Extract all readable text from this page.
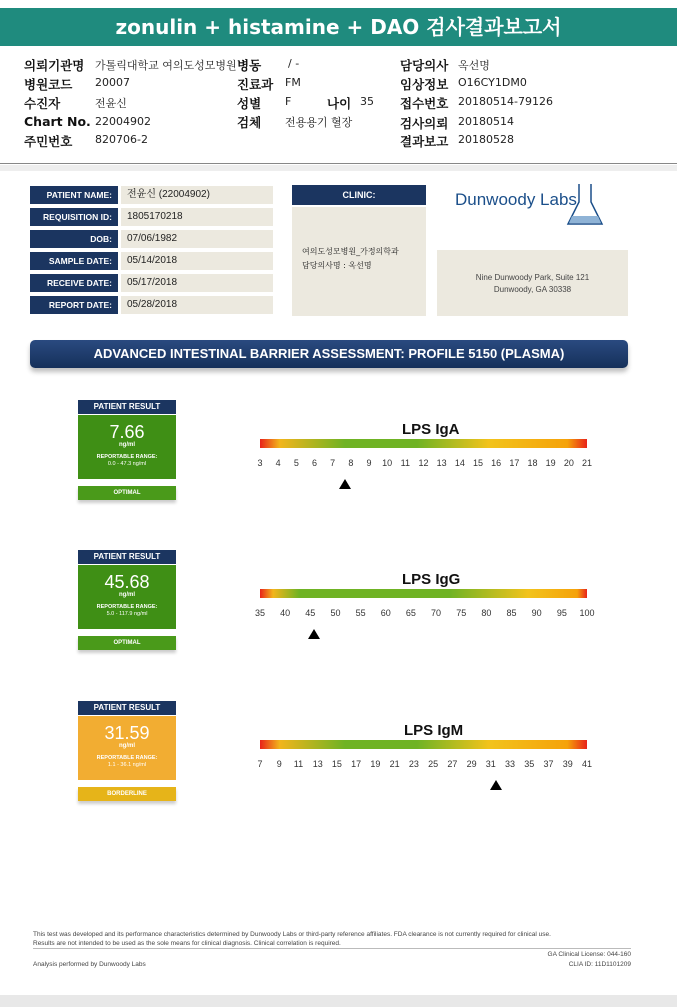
zonulin + histamine + DAO 검사결과보고서
의뢰기관명 가톨릭대학교 여의도성모병원
병원코드 20007
수진자	전윤신
Chart No. 22004902
주민번호 820706-2
병동 / -
진료과 FM
성별 F	나이 35
검체 전용용기 혈장
담당의사 옥선명
임상정보 O16CY1DM0
접수번호 20180514-79126
검사의뢰 20180514
결과보고 20180528
PATIENT NAME:	전윤신 (22004902)
REQUISITION ID:	1805170218
DOB:	07/06/1982
SAMPLE DATE:	05/14/2018
RECEIVE DATE:	05/17/2018
REPORT DATE:	05/28/2018
CLINIC:
여의도성모병원_가정의학과
담당의사명 : 옥선명
Dunwoody Labs
Nine Dunwoody Park, Suite 121
Dunwoody, GA 30338
ADVANCED INTESTINAL BARRIER ASSESSMENT: PROFILE 5150 (PLASMA)
PATIENT RESULT
7.66
ng/ml
REPORTABLE RANGE:
0.0 - 47.3 ng/ml
OPTIMAL
LPS IgA
3 4 5 6 7 8 9 10 11 12 13 14 15 16 17 18 19 20 21
PATIENT RESULT
45.68
ng/ml
REPORTABLE RANGE:
5.0 - 117.9 ng/ml
OPTIMAL
LPS IgG
35 40 45 50 55 60 65 70 75 80 85 90 95 100
PATIENT RESULT
31.59
ng/ml
REPORTABLE RANGE:
1.1 - 36.1 ng/ml
BORDERLINE
LPS IgM
7 9 11 13 15 17 19 21 23 25 27 29 31 33 35 37 39 41
This test was developed and its performance characteristics determined by Dunwoody Labs or third-party reference affiliates. FDA clearance is not currently required for clinical use.
Results are not intended to be used as the sole means for clinical diagnosis. Clinical correlation is required.
GA Clinical License: 044-160
CLIA ID: 11D1101209
Analysis performed by Dunwoody Labs
